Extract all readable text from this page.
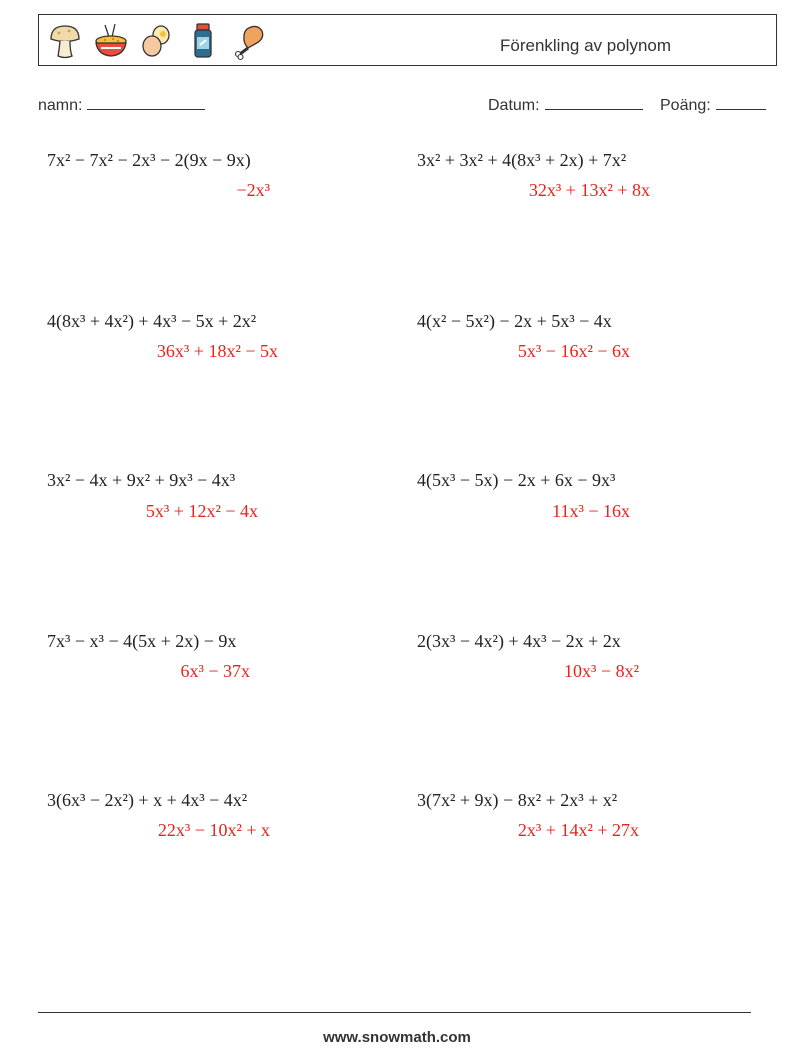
Förenkling av polynom
namn:	Datum:	Poäng:
7x² − 7x² − 2x³ − 2(9x − 9x)
−2x³
3x² + 3x² + 4(8x³ + 2x) + 7x²
32x³ + 13x² + 8x
4(8x³ + 4x²) + 4x³ − 5x + 2x²
36x³ + 18x² − 5x
4(x² − 5x²) − 2x + 5x³ − 4x
5x³ − 16x² − 6x
3x² − 4x + 9x² + 9x³ − 4x³
5x³ + 12x² − 4x
4(5x³ − 5x) − 2x + 6x − 9x³
11x³ − 16x
7x³ − x³ − 4(5x + 2x) − 9x
6x³ − 37x
2(3x³ − 4x²) + 4x³ − 2x + 2x
10x³ − 8x²
3(6x³ − 2x²) + x + 4x³ − 4x²
22x³ − 10x² + x
3(7x² + 9x) − 8x² + 2x³ + x²
2x³ + 14x² + 27x
www.snowmath.com
